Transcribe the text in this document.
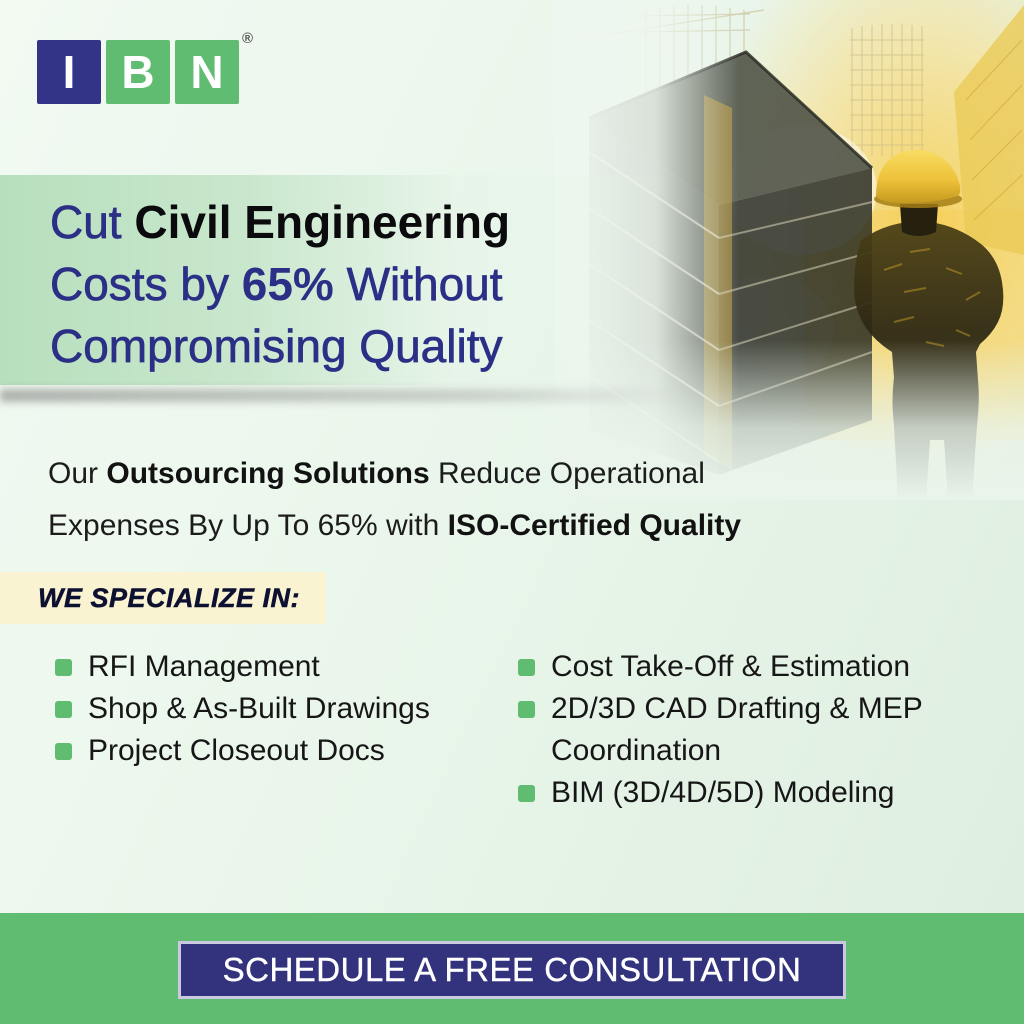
I B N
®
Cut Civil Engineering
Costs by 65% Without
Compromising Quality
Our Outsourcing Solutions Reduce Operational
Expenses By Up To 65% with ISO-Certified Quality
WE SPECIALIZE IN:
RFI Management
Shop & As-Built Drawings
Project Closeout Docs
Cost Take-Off & Estimation
2D/3D CAD Drafting & MEP Coordination
BIM (3D/4D/5D) Modeling
SCHEDULE A FREE CONSULTATION
